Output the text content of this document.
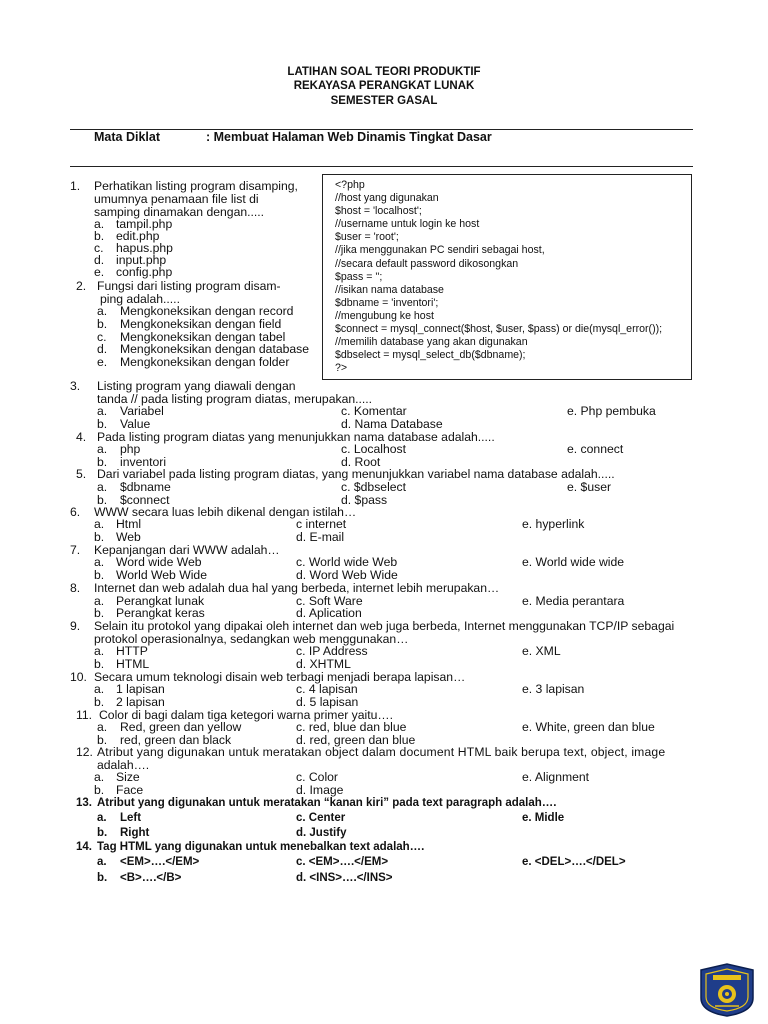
LATIHAN SOAL TEORI PRODUKTIF
REKAYASA PERANGKAT LUNAK
SEMESTER GASAL
Mata Diklat	: Membuat Halaman Web Dinamis Tingkat Dasar
<?php
//host yang digunakan
$host = 'localhost';
//username untuk login ke host
$user = 'root';
//jika menggunakan PC sendiri sebagai host,
//secara default password dikosongkan
$pass = '';
//isikan nama database
$dbname = 'inventori';
//mengubung ke host
$connect = mysql_connect($host, $user, $pass) or die(mysql_error());
//memilih database yang akan digunakan
$dbselect = mysql_select_db($dbname);
?>
1. Perhatikan listing program disamping,
umumnya penamaan file list di
samping dinamakan dengan.....
a. tampil.php
b. edit.php
c. hapus.php
d. input.php
e. config.php
2. Fungsi dari listing program disam-
ping adalah.....
a. Mengkoneksikan dengan record
b. Mengkoneksikan dengan field
c. Mengkoneksikan dengan tabel
d. Mengkoneksikan dengan database
e. Mengkoneksikan dengan folder
3. Listing program yang diawali dengan
tanda // pada listing program diatas, merupakan.....
a. Variabel
b. Value
c. Komentar
d. Nama Database
e. Php pembuka
4. Pada listing program diatas yang menunjukkan nama database adalah.....
a. php
b. inventori
c. Localhost
d. Root
e. connect
5. Dari variabel pada listing program diatas, yang menunjukkan variabel nama database adalah.....
a. $dbname
b. $connect
c. $dbselect
d. $pass
e. $user
6. WWW secara luas lebih dikenal dengan istilah…
a. Html
b. Web
c internet
d. E-mail
e. hyperlink
7. Kepanjangan dari WWW adalah…
a. Word wide Web
b. World Web Wide
c. World wide Web
d. Word Web Wide
e. World wide wide
8. Internet dan web adalah dua hal yang berbeda, internet lebih merupakan…
a. Perangkat lunak
b. Perangkat keras
c. Soft Ware
d. Aplication
e. Media perantara
9. Selain itu protokol yang dipakai oleh internet dan web juga berbeda, Internet menggunakan TCP/IP sebagai
protokol operasionalnya, sedangkan web menggunakan…
a. HTTP
b. HTML
c. IP Address
d. XHTML
e. XML
10. Secara umum teknologi disain web terbagi menjadi berapa lapisan…
a. 1 lapisan
b. 2 lapisan
c. 4 lapisan
d. 5 lapisan
e. 3 lapisan
11. Color di bagi dalam tiga ketegori warna primer yaitu….
a. Red, green dan yellow
b. red, green dan black
c. red, blue dan blue
d. red, green dan blue
e. White, green dan blue
12. Atribut yang digunakan untuk meratakan object dalam document HTML baik berupa text, object, image
adalah….
a. Size
b. Face
c. Color
d. Image
e. Alignment
13. Atribut yang digunakan untuk meratakan “kanan kiri” pada text paragraph adalah….
a. Left
b. Right
c. Center
d. Justify
e. Midle
14. Tag HTML yang digunakan untuk menebalkan text adalah….
a. <EM>….</EM>
b. <B>….</B>
c. <EM>….</EM>
d. <INS>….</INS>
e. <DEL>….</DEL>
